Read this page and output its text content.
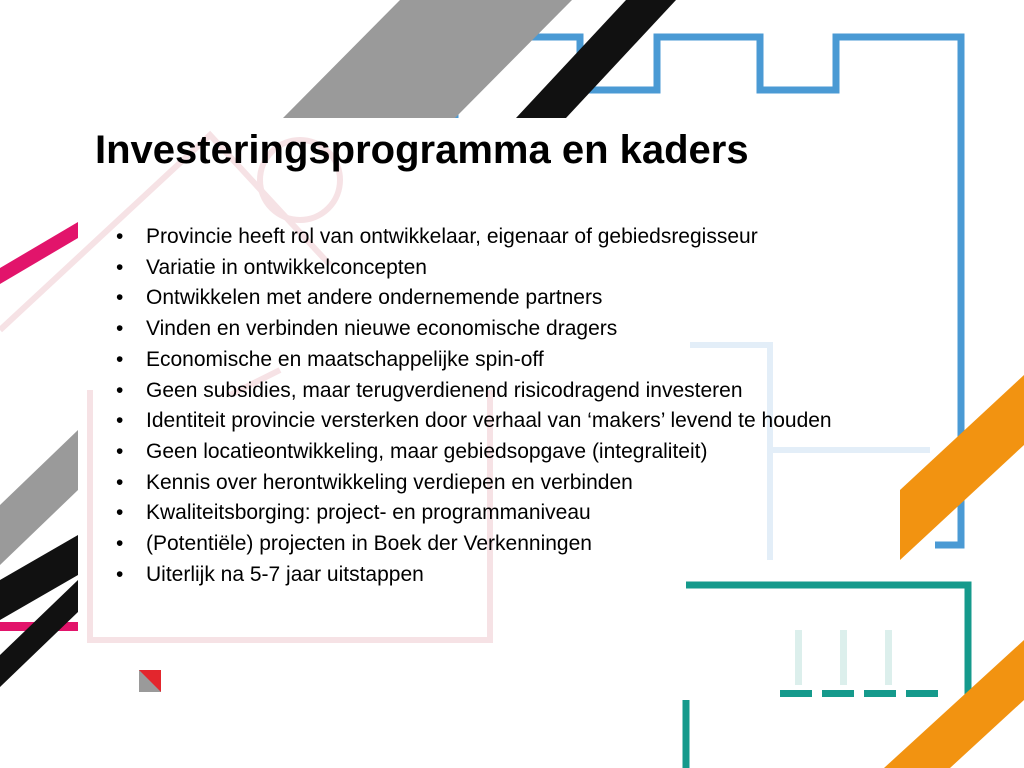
Investeringsprogramma en kaders
• Provincie heeft rol van ontwikkelaar, eigenaar of gebiedsregisseur
• Variatie in ontwikkelconcepten
• Ontwikkelen met andere ondernemende partners
• Vinden en verbinden nieuwe economische dragers
• Economische en maatschappelijke spin-off
• Geen subsidies, maar terugverdienend risicodragend investeren
• Identiteit provincie versterken door verhaal van ‘makers’ levend te houden
• Geen locatieontwikkeling, maar gebiedsopgave (integraliteit)
• Kennis over herontwikkeling verdiepen en verbinden
• Kwaliteitsborging: project- en programmaniveau
• (Potentiële) projecten in Boek der Verkenningen
• Uiterlijk na 5-7 jaar uitstappen
